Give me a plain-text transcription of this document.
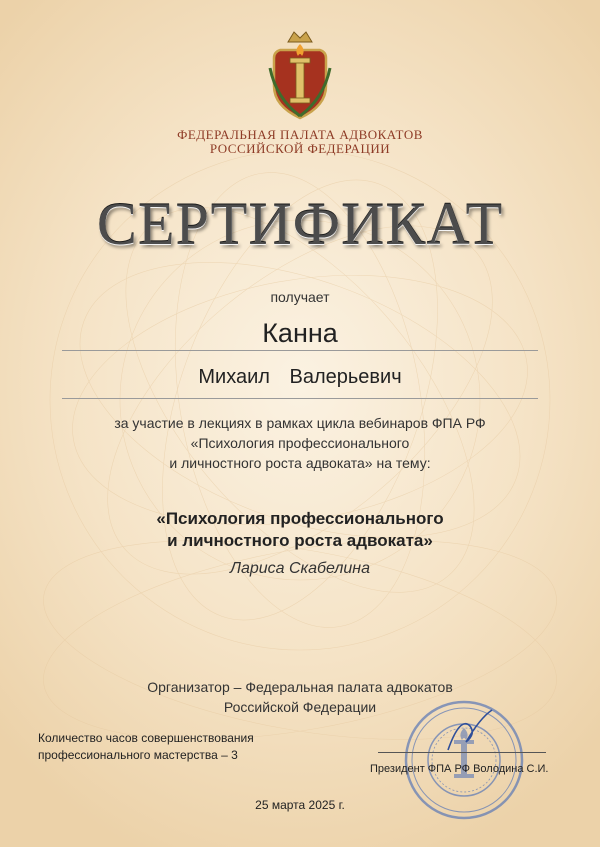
ФЕДЕРАЛЬНАЯ ПАЛАТА АДВОКАТОВ
РОССИЙСКОЙ ФЕДЕРАЦИИ
СЕРТИФИКАТ
получает
Канна
Михаил Валерьевич
за участие в лекциях в рамках цикла вебинаров ФПА РФ
«Психология профессионального
и личностного роста адвоката» на тему:
«Психология профессионального
и личностного роста адвоката»
Лариса Скабелина
Организатор – Федеральная палата адвокатов
Российской Федерации
Количество часов совершенствования
профессионального мастерства – 3
Президент ФПА РФ Володина С.И.
25 марта 2025 г.
